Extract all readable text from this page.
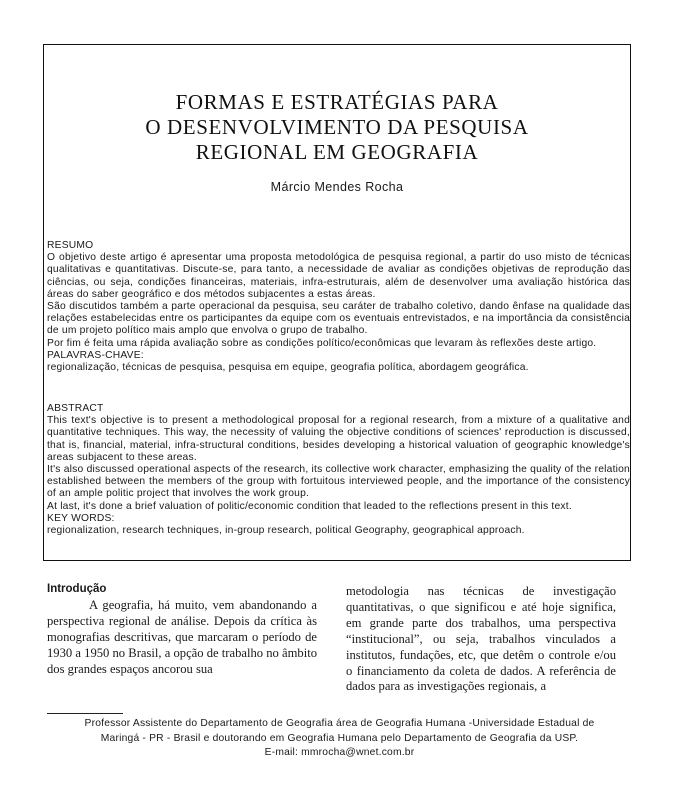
FORMAS E ESTRATÉGIAS PARA
O DESENVOLVIMENTO DA PESQUISA
REGIONAL EM GEOGRAFIA
Márcio Mendes Rocha

RESUMO

O objetivo deste artigo é apresentar uma proposta metodológica de pesquisa regional, a partir do uso misto de técnicas qualitativas e quantitativas. Discute-se, para tanto, a necessidade de avaliar as condições objetivas de reprodução das ciências, ou seja, condições financeiras, materiais, infra-estruturais, além de desenvolver uma avaliação histórica das áreas do saber geográfico e dos métodos subjacentes a estas áreas.

São discutidos também a parte operacional da pesquisa, seu caráter de trabalho coletivo, dando ênfase na qualidade das relações estabelecidas entre os participantes da equipe com os eventuais entrevistados, e na importância da consistência de um projeto político mais amplo que envolva o grupo de trabalho.

Por fim é feita uma rápida avaliação sobre as condições político/econômicas que levaram às reflexões deste artigo.

PALAVRAS-CHAVE:

regionalização, técnicas de pesquisa, pesquisa em equipe, geografia política, abordagem geográfica.

ABSTRACT

This text's objective is to present a methodological proposal for a regional research, from a mixture of a qualitative and quantitative techniques. This way, the necessity of valuing the objective conditions of sciences' reproduction is discussed, that is, financial, material, infra-structural conditions, besides developing a historical valuation of geographic knowledge's areas subjacent to these areas.

It's also discussed operational aspects of the research, its collective work character, emphasizing the quality of the relation established between the members of the group with fortuitous interviewed people, and the importance of the consistency of an ample politic project that involves the work group.

At last, it's done a brief valuation of politic/economic condition that leaded to the reflections present in this text.

KEY WORDS:

regionalization, research techniques, in-group research, political Geography, geographical approach.

Introdução

A geografia, há muito, vem abandonando a perspectiva regional de análise. Depois da crítica às monografias descritivas, que marcaram o período de 1930 a 1950 no Brasil, a opção de trabalho no âmbito dos grandes espaços ancorou sua

metodologia nas técnicas de investigação quantitativas, o que significou e até hoje significa, em grande parte dos trabalhos, uma perspectiva “institucional”, ou seja, trabalhos vinculados a institutos, fundações, etc, que detêm o controle e/ou o financiamento da coleta de dados. A referência de dados para as investigações regionais, a

Professor Assistente do Departamento de Geografia área de Geografia Humana -Universidade Estadual de
Maringá - PR - Brasil e doutorando em Geografia Humana pelo Departamento de Geografia da USP.
E-mail: mmrocha@wnet.com.br
